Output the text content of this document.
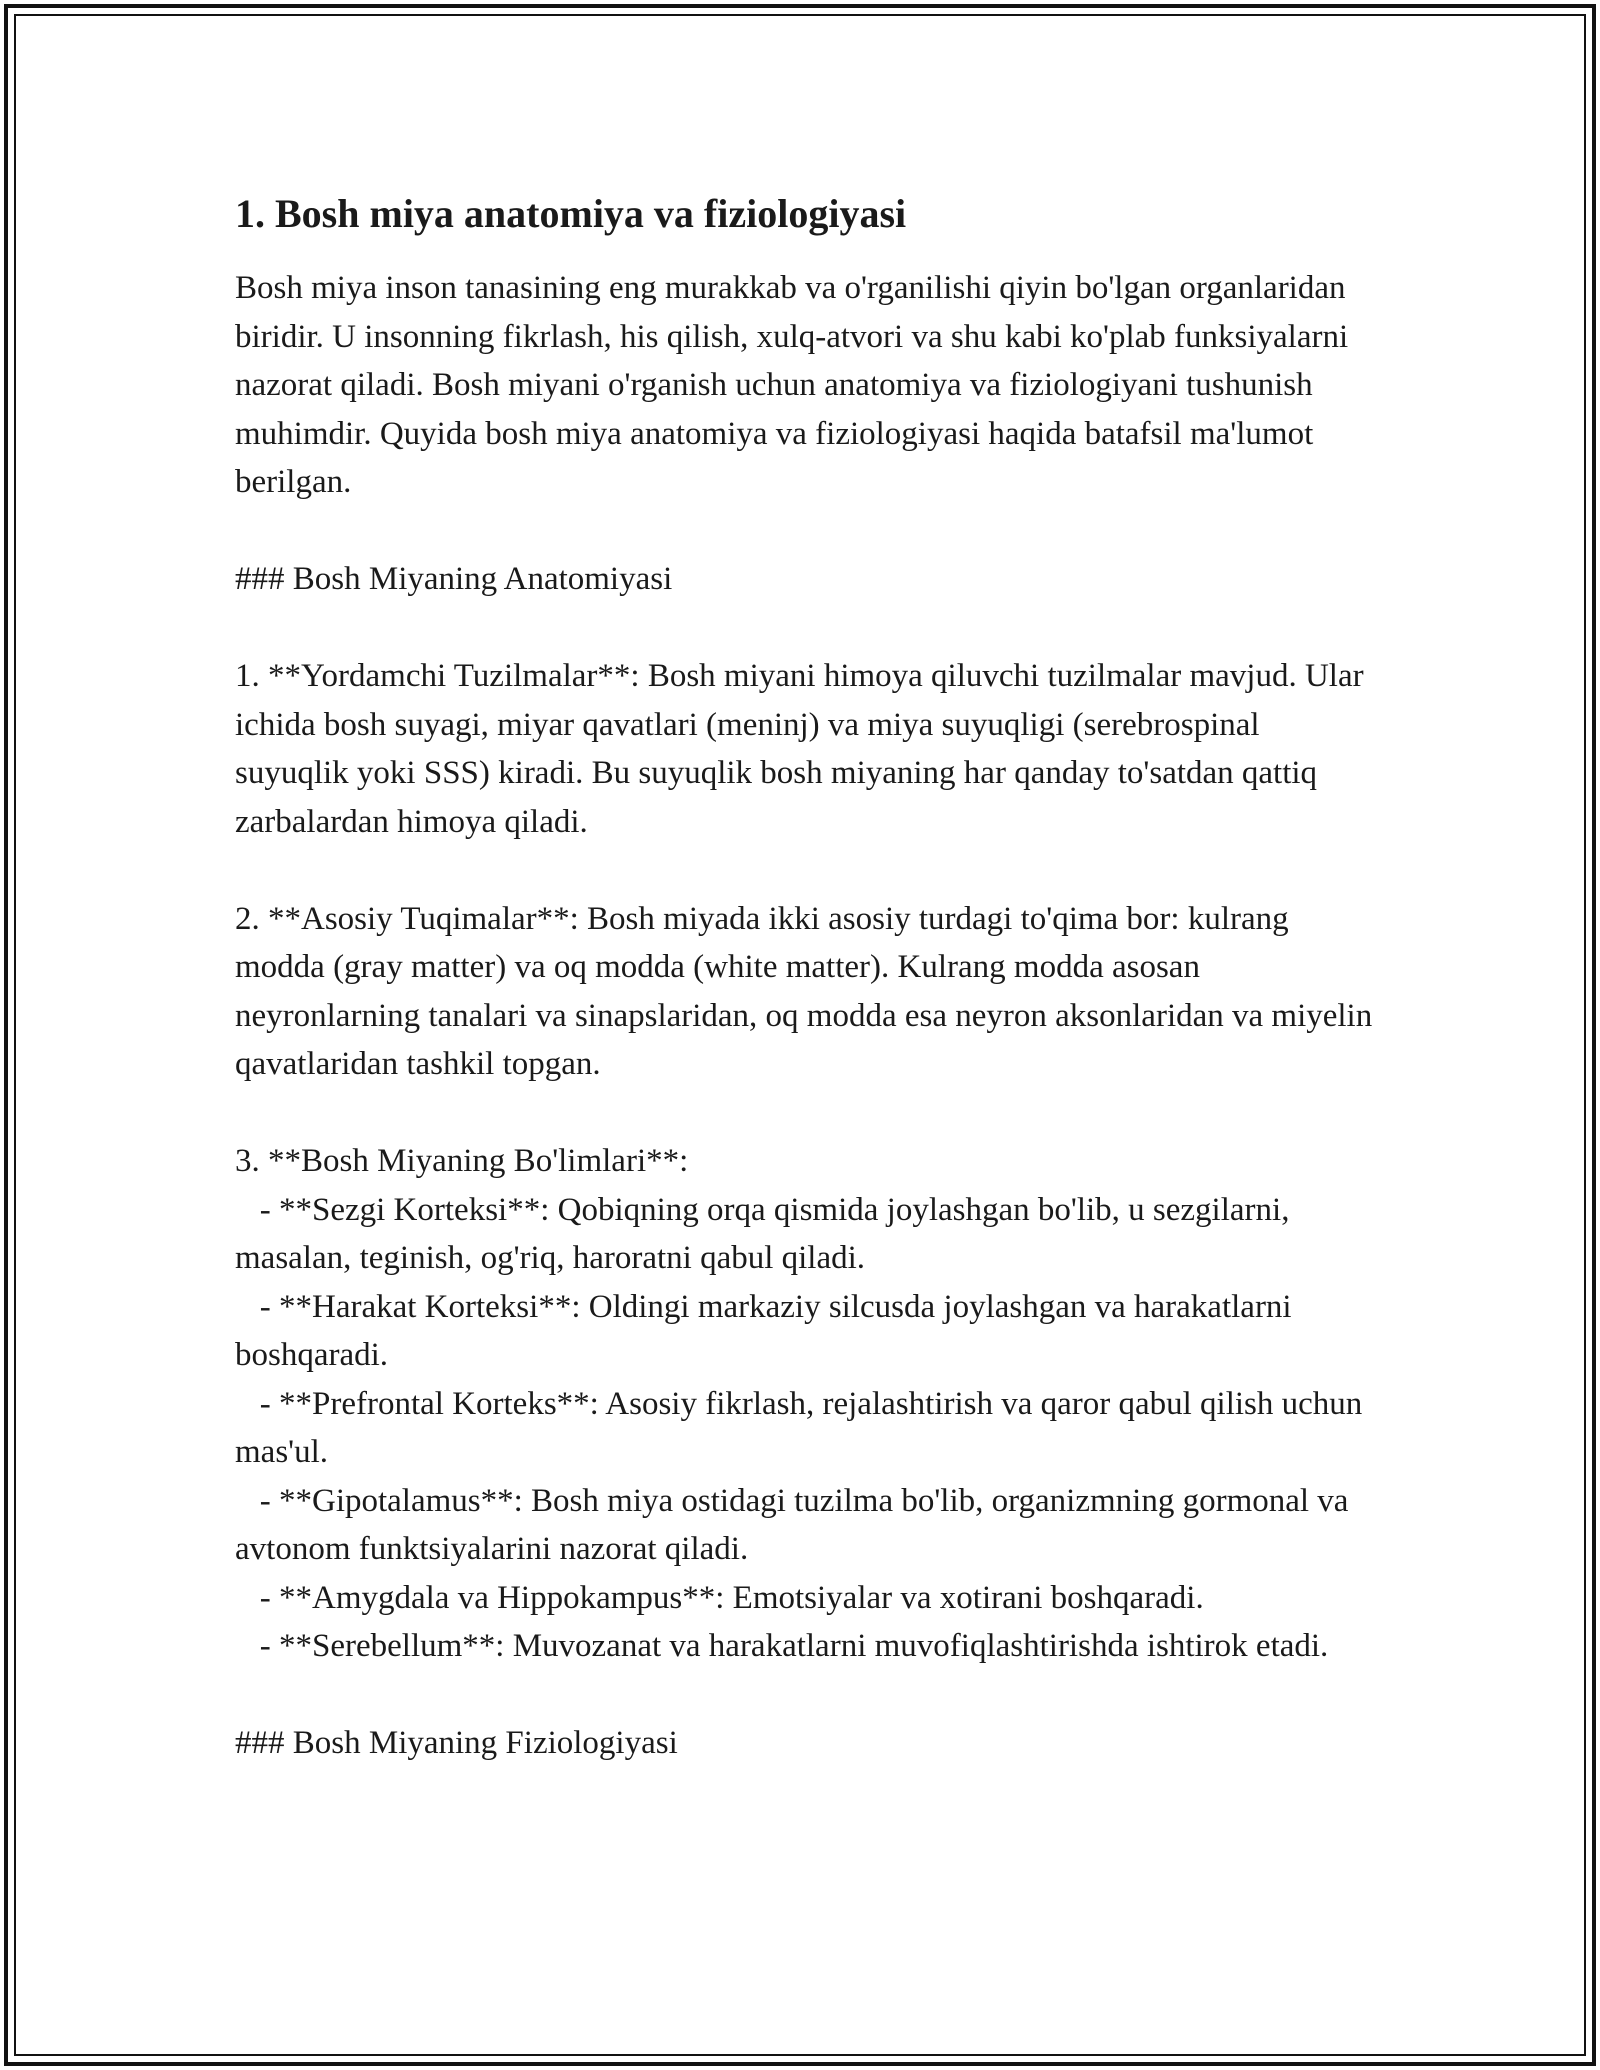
1. Bosh miya anatomiya va fiziologiyasi

Bosh miya inson tanasining eng murakkab va o'rganilishi qiyin bo'lgan organlaridan biridir. U insonning fikrlash, his qilish, xulq-atvori va shu kabi ko'plab funksiyalarni nazorat qiladi. Bosh miyani o'rganish uchun anatomiya va fiziologiyani tushunish muhimdir. Quyida bosh miya anatomiya va fiziologiyasi haqida batafsil ma'lumot berilgan.

### Bosh Miyaning Anatomiyasi

1. **Yordamchi Tuzilmalar**: Bosh miyani himoya qiluvchi tuzilmalar mavjud. Ular ichida bosh suyagi, miyar qavatlari (meninj) va miya suyuqligi (serebrospinal suyuqlik yoki SSS) kiradi. Bu suyuqlik bosh miyaning har qanday to'satdan qattiq zarbalardan himoya qiladi.

2. **Asosiy Tuqimalar**: Bosh miyada ikki asosiy turdagi to'qima bor: kulrang modda (gray matter) va oq modda (white matter). Kulrang modda asosan neyronlarning tanalari va sinapslaridan, oq modda esa neyron aksonlaridan va miyelin qavatlaridan tashkil topgan.

3. **Bosh Miyaning Bo'limlari**:

- **Sezgi Korteksi**: Qobiqning orqa qismida joylashgan bo'lib, u sezgilarni, masalan, teginish, og'riq, haroratni qabul qiladi.

- **Harakat Korteksi**: Oldingi markaziy silcusda joylashgan va harakatlarni boshqaradi.

- **Prefrontal Korteks**: Asosiy fikrlash, rejalashtirish va qaror qabul qilish uchun mas'ul.

- **Gipotalamus**: Bosh miya ostidagi tuzilma bo'lib, organizmning gormonal va avtonom funktsiyalarini nazorat qiladi.

- **Amygdala va Hippokampus**: Emotsiyalar va xotirani boshqaradi.

- **Serebellum**: Muvozanat va harakatlarni muvofiqlashtirishda ishtirok etadi.

### Bosh Miyaning Fiziologiyasi
